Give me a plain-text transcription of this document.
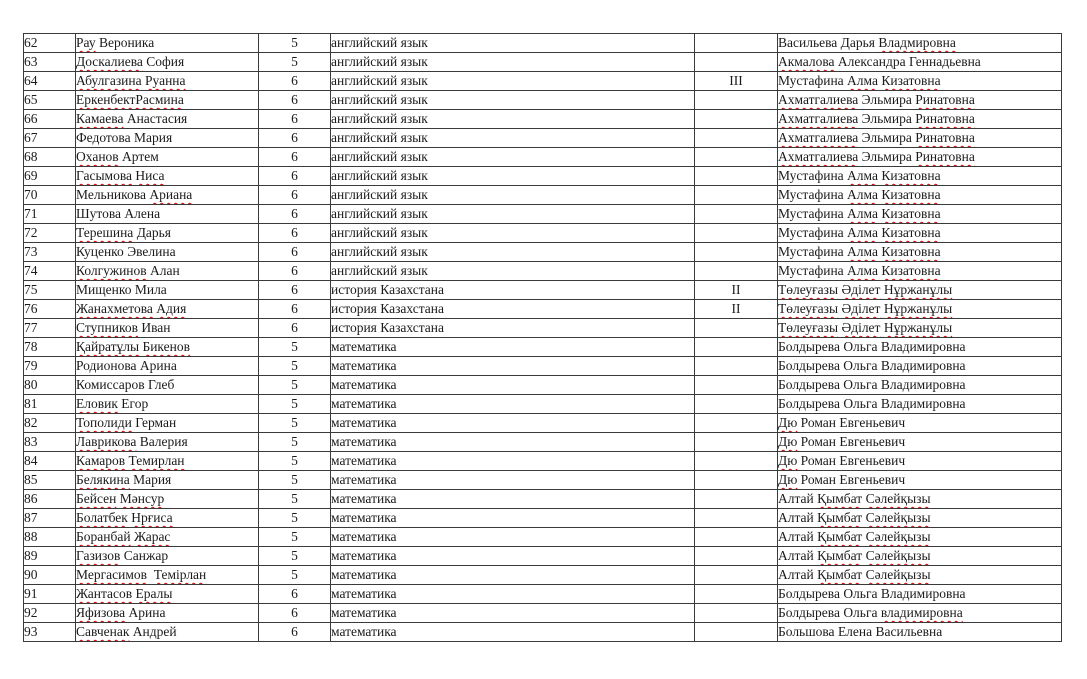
62	Рау Вероника	5	английский язык		Васильева Дарья Владмировна
63	Доскалиева София	5	английский язык		Акмалова Александра Геннадьевна
64	Абулгазина Руанна	6	английский язык	III	Мустафина Алма Кизатовна
65	ЕркенбектРасмина	6	английский язык		Ахматгалиева Эльмира Ринатовна
66	Камаева Анастасия	6	английский язык		Ахматгалиева Эльмира Ринатовна
67	Федотова Мария	6	английский язык		Ахматгалиева Эльмира Ринатовна
68	Оханов Артем	6	английский язык		Ахматгалиева Эльмира Ринатовна
69	Гасымова Ниса	6	английский язык		Мустафина Алма Кизатовна
70	Мельникова Ариана	6	английский язык		Мустафина Алма Кизатовна
71	Шутова Алена	6	английский язык		Мустафина Алма Кизатовна
72	Терешина Дарья	6	английский язык		Мустафина Алма Кизатовна
73	Куценко Эвелина	6	английский язык		Мустафина Алма Кизатовна
74	Колгужинов Алан	6	английский язык		Мустафина Алма Кизатовна
75	Мищенко Мила	6	история Казахстана	II	Төлеуғазы Әділет Нұржанұлы
76	Жанахметова Адия	6	история Казахстана	II	Төлеуғазы Әділет Нұржанұлы
77	Ступников Иван	6	история Казахстана		Төлеуғазы Әділет Нұржанұлы
78	Қайратұлы Бикенов	5	математика		Болдырева Ольга Владимировна
79	Родионова Арина	5	математика		Болдырева Ольга Владимировна
80	Комиссаров Глеб	5	математика		Болдырева Ольга Владимировна
81	Еловик Егор	5	математика		Болдырева Ольга Владимировна
82	Тополиди Герман	5	математика		Дю Роман Евгеньевич
83	Лаврикова Валерия	5	математика		Дю Роман Евгеньевич
84	Камаров Темирлан	5	математика		Дю Роман Евгеньевич
85	Белякина Мария	5	математика		Дю Роман Евгеньевич
86	Бейсен Мәнсур	5	математика		Алтай Қымбат Сәлейқызы
87	Болатбек Нрғиса	5	математика		Алтай Қымбат Сәлейқызы
88	Боранбай Жарас	5	математика		Алтай Қымбат Сәлейқызы
89	Газизов Санжар	5	математика		Алтай Қымбат Сәлейқызы
90	Мергасимов Темірлан	5	математика		Алтай Қымбат Сәлейқызы
91	Жантасов Ералы	6	математика		Болдырева Ольга Владимировна
92	Яфизова Арина	6	математика		Болдырева Ольга владимировна
93	Савченак Андрей	6	математика		Большова Елена Васильевна
